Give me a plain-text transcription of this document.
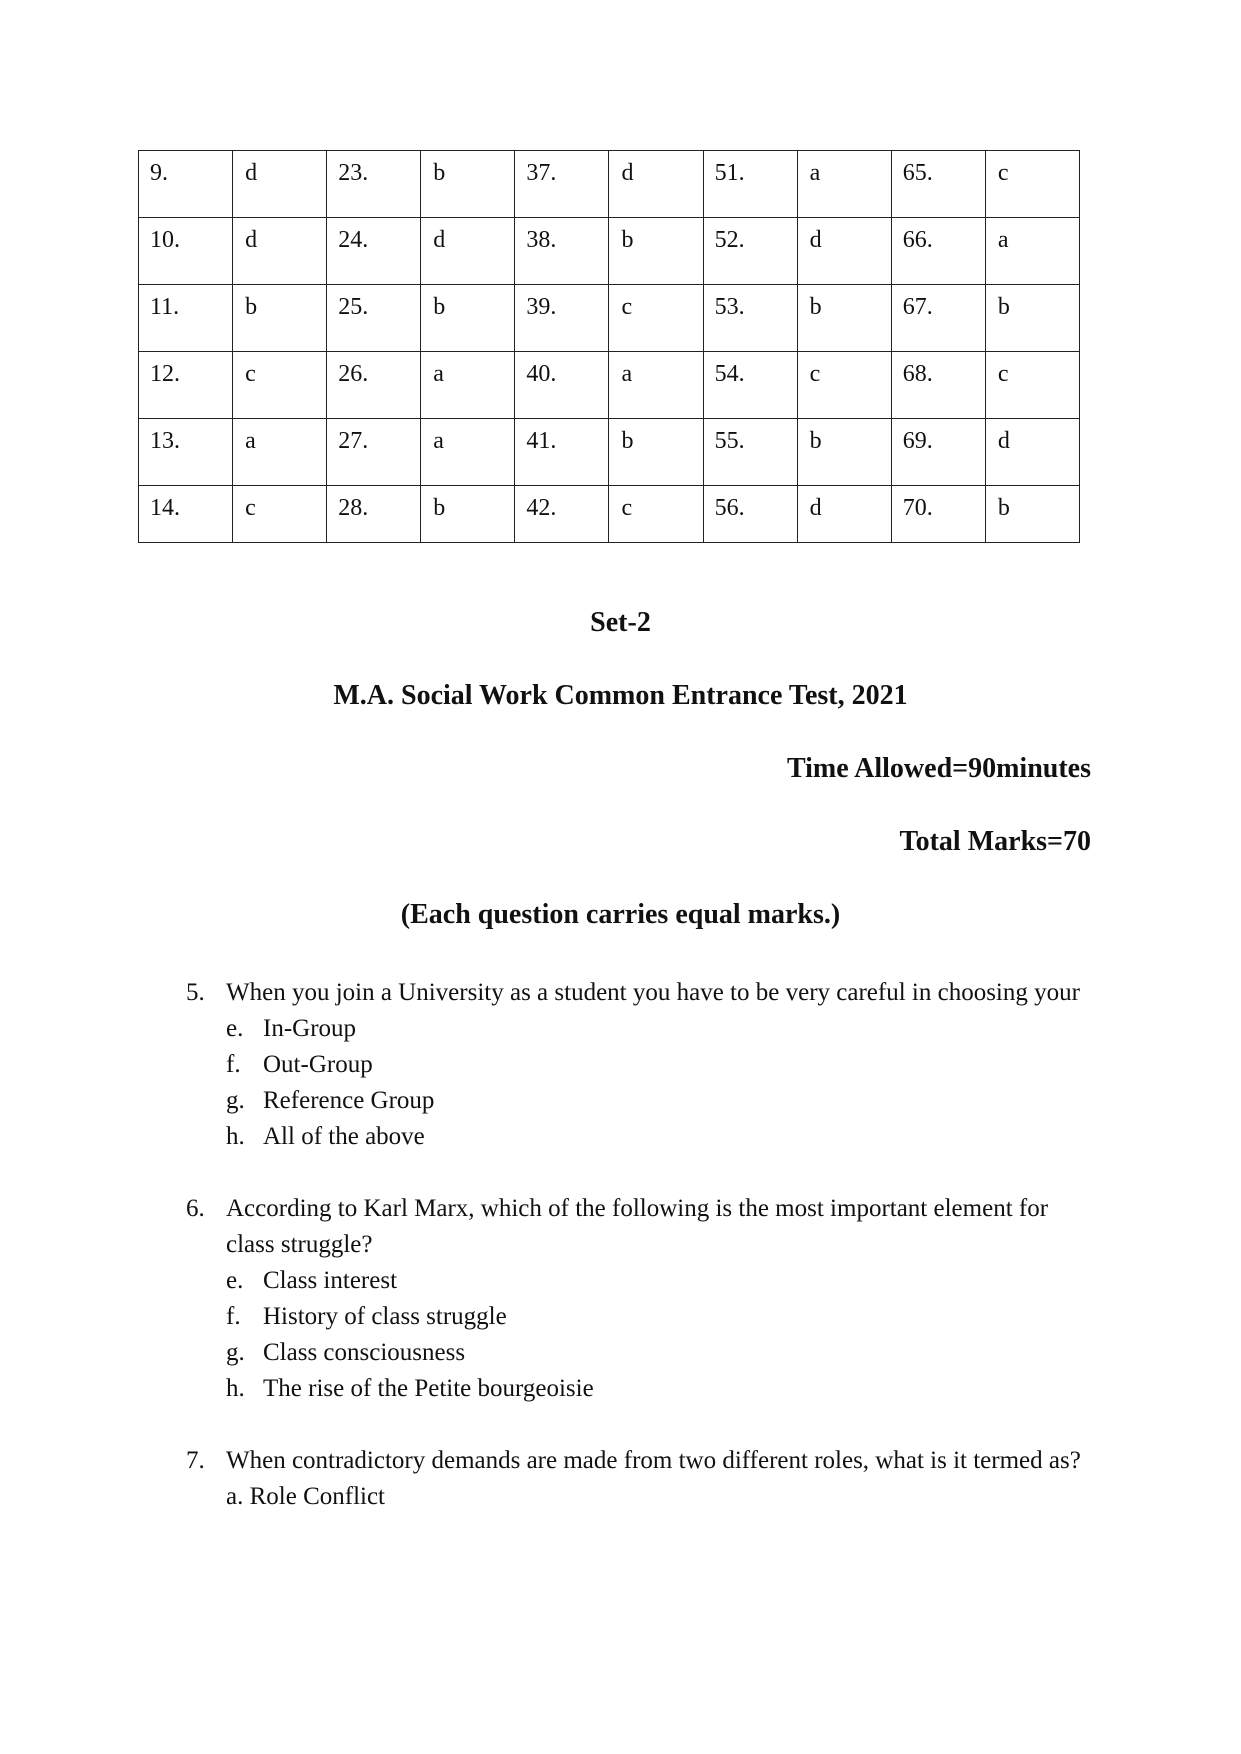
9.	d	23.	b	37.	d	51.	a	65.	c
10.	d	24.	d	38.	b	52.	d	66.	a
11.	b	25.	b	39.	c	53.	b	67.	b
12.	c	26.	a	40.	a	54.	c	68.	c
13.	a	27.	a	41.	b	55.	b	69.	d
14.	c	28.	b	42.	c	56.	d	70.	b
Set-2
M.A. Social Work Common Entrance Test, 2021
Time Allowed=90minutes
Total Marks=70
(Each question carries equal marks.)
5. When you join a University as a student you have to be very careful in choosing your
e. In-Group
f. Out-Group
g. Reference Group
h. All of the above
6. According to Karl Marx, which of the following is the most important element for class struggle?
e. Class interest
f. History of class struggle
g. Class consciousness
h. The rise of the Petite bourgeoisie
7. When contradictory demands are made from two different roles, what is it termed as?
a. Role Conflict
